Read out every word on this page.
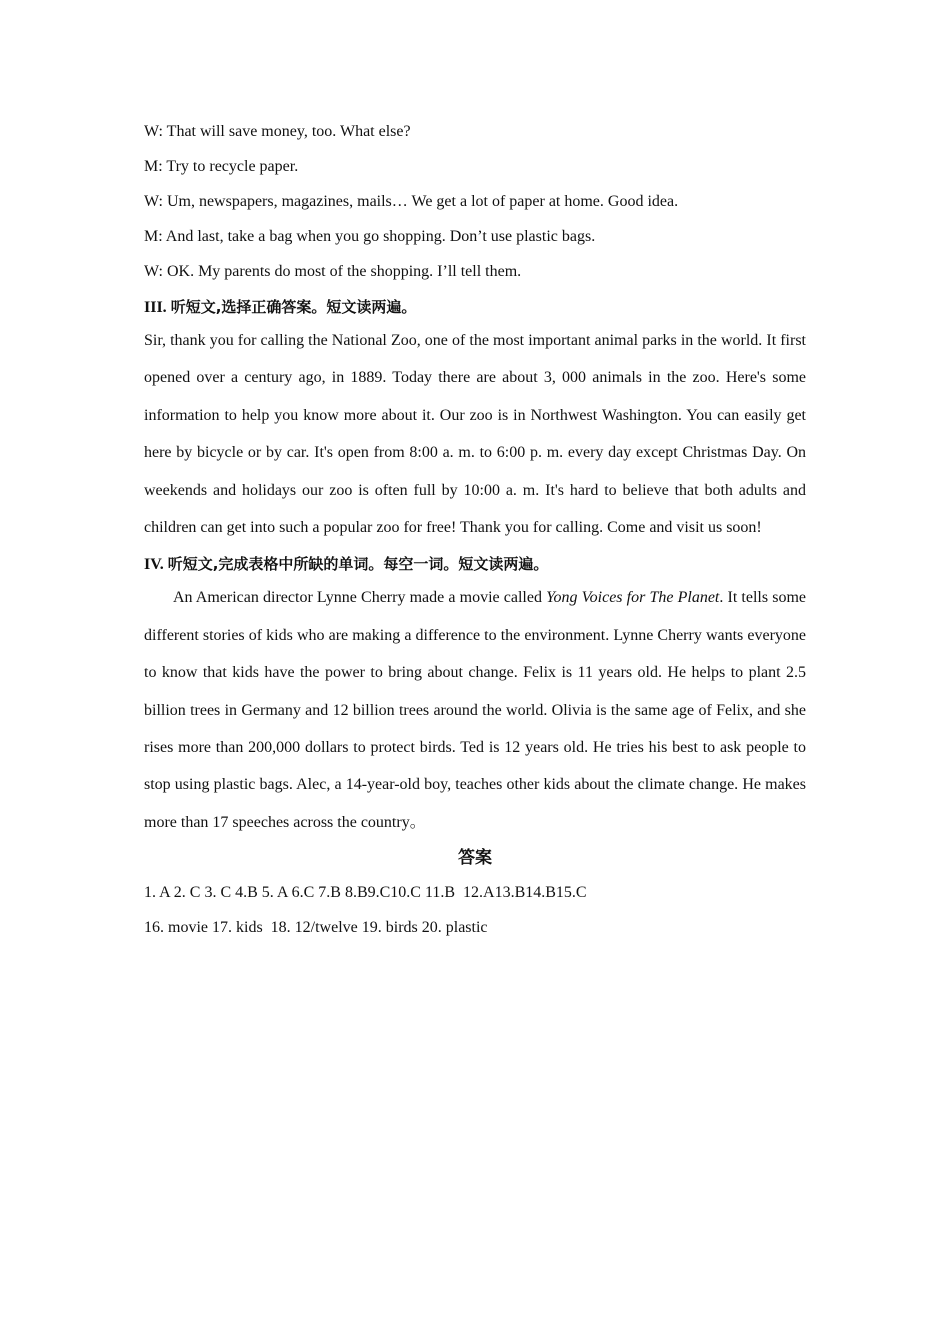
W: That will save money, too. What else?

M: Try to recycle paper.

W: Um, newspapers, magazines, mails… We get a lot of paper at home. Good idea.

M: And last, take a bag when you go shopping. Don’t use plastic bags.

W: OK. My parents do most of the shopping. I’ll tell them.

III. 听短文,选择正确答案。短文读两遍。

Sir, thank you for calling the National Zoo, one of the most important animal parks in the world. It first opened over a century ago, in 1889. Today there are about 3, 000 animals in the zoo. Here's some information to help you know more about it. Our zoo is in Northwest Washington. You can easily get here by bicycle or by car. It's open from 8:00 a. m. to 6:00 p. m. every day except Christmas Day. On weekends and holidays our zoo is often full by 10:00 a. m. It's hard to believe that both adults and children can get into such a popular zoo for free! Thank you for calling. Come and visit us soon!

IV. 听短文,完成表格中所缺的单词。每空一词。短文读两遍。

An American director Lynne Cherry made a movie called Yong Voices for The Planet. It tells some different stories of kids who are making a difference to the environment. Lynne Cherry wants everyone to know that kids have the power to bring about change. Felix is 11 years old. He helps to plant 2.5 billion trees in Germany and 12 billion trees around the world. Olivia is the same age of Felix, and she rises more than 200,000 dollars to protect birds. Ted is 12 years old. He tries his best to ask people to stop using plastic bags. Alec, a 14-year-old boy, teaches other kids about the climate change. He makes more than 17 speeches across the country。

答案

1. A 2. C 3. C 4.B 5. A 6.C 7.B 8.B9.C10.C 11.B  12.A13.B14.B15.C

16. movie 17. kids  18. 12/twelve 19. birds 20. plastic
